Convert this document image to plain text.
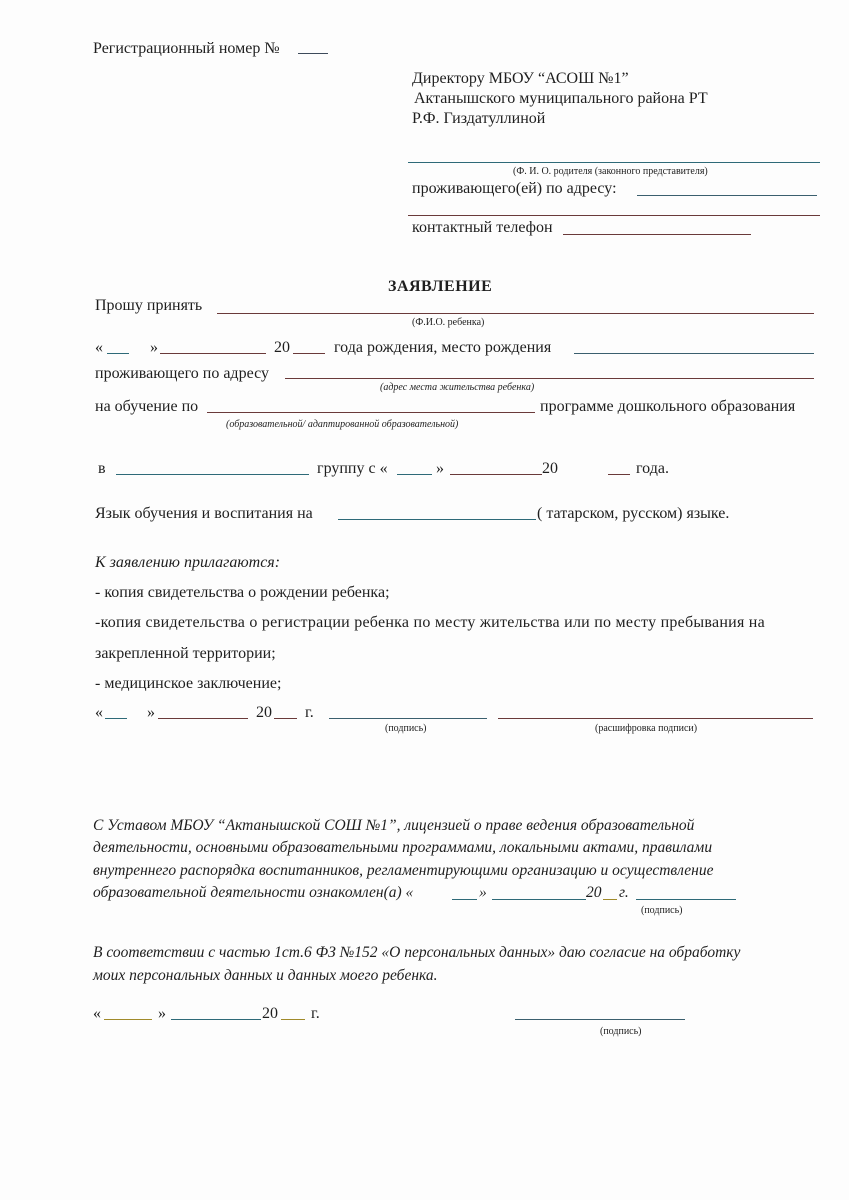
Регистрационный номер №
Директору МБОУ “АСОШ №1”
Актанышского муниципального района РТ
Р.Ф. Гиздатуллиной
(Ф. И. О. родителя (законного представителя)
проживающего(ей) по адресу:
контактный телефон
ЗАЯВЛЕНИЕ
Прошу принять
(Ф.И.О. ребенка)
«	»	20	года рождения, место рождения
проживающего по адресу
(адрес места жительства ребенка)
на обучение по	программе дошкольного образования
(образовательной/ адаптированной образовательной)
в	группу с «	»	20	года.
Язык обучения и воспитания на	( татарском, русском) языке.
К заявлению прилагаются:
- копия свидетельства о рождении ребенка;
-копия свидетельства о регистрации ребенка по месту жительства или по месту пребывания на
закрепленной территории;
- медицинское заключение;
«	»	20 г.
(подпись)	(расшифровка подписи)
С Уставом МБОУ “Актанышской СОШ №1”, лицензией о праве ведения образовательной
деятельности, основными образовательными программами, локальными актами, правилами
внутреннего распорядка воспитанников, регламентирующими организацию и осуществление
образовательной деятельности ознакомлен(а) «	»	20 г.
(подпись)
В соответствии с частью 1ст.6 ФЗ №152 «О персональных данных» даю согласие на обработку
моих персональных данных и данных моего ребенка.
«	»	20 г.
(подпись)
